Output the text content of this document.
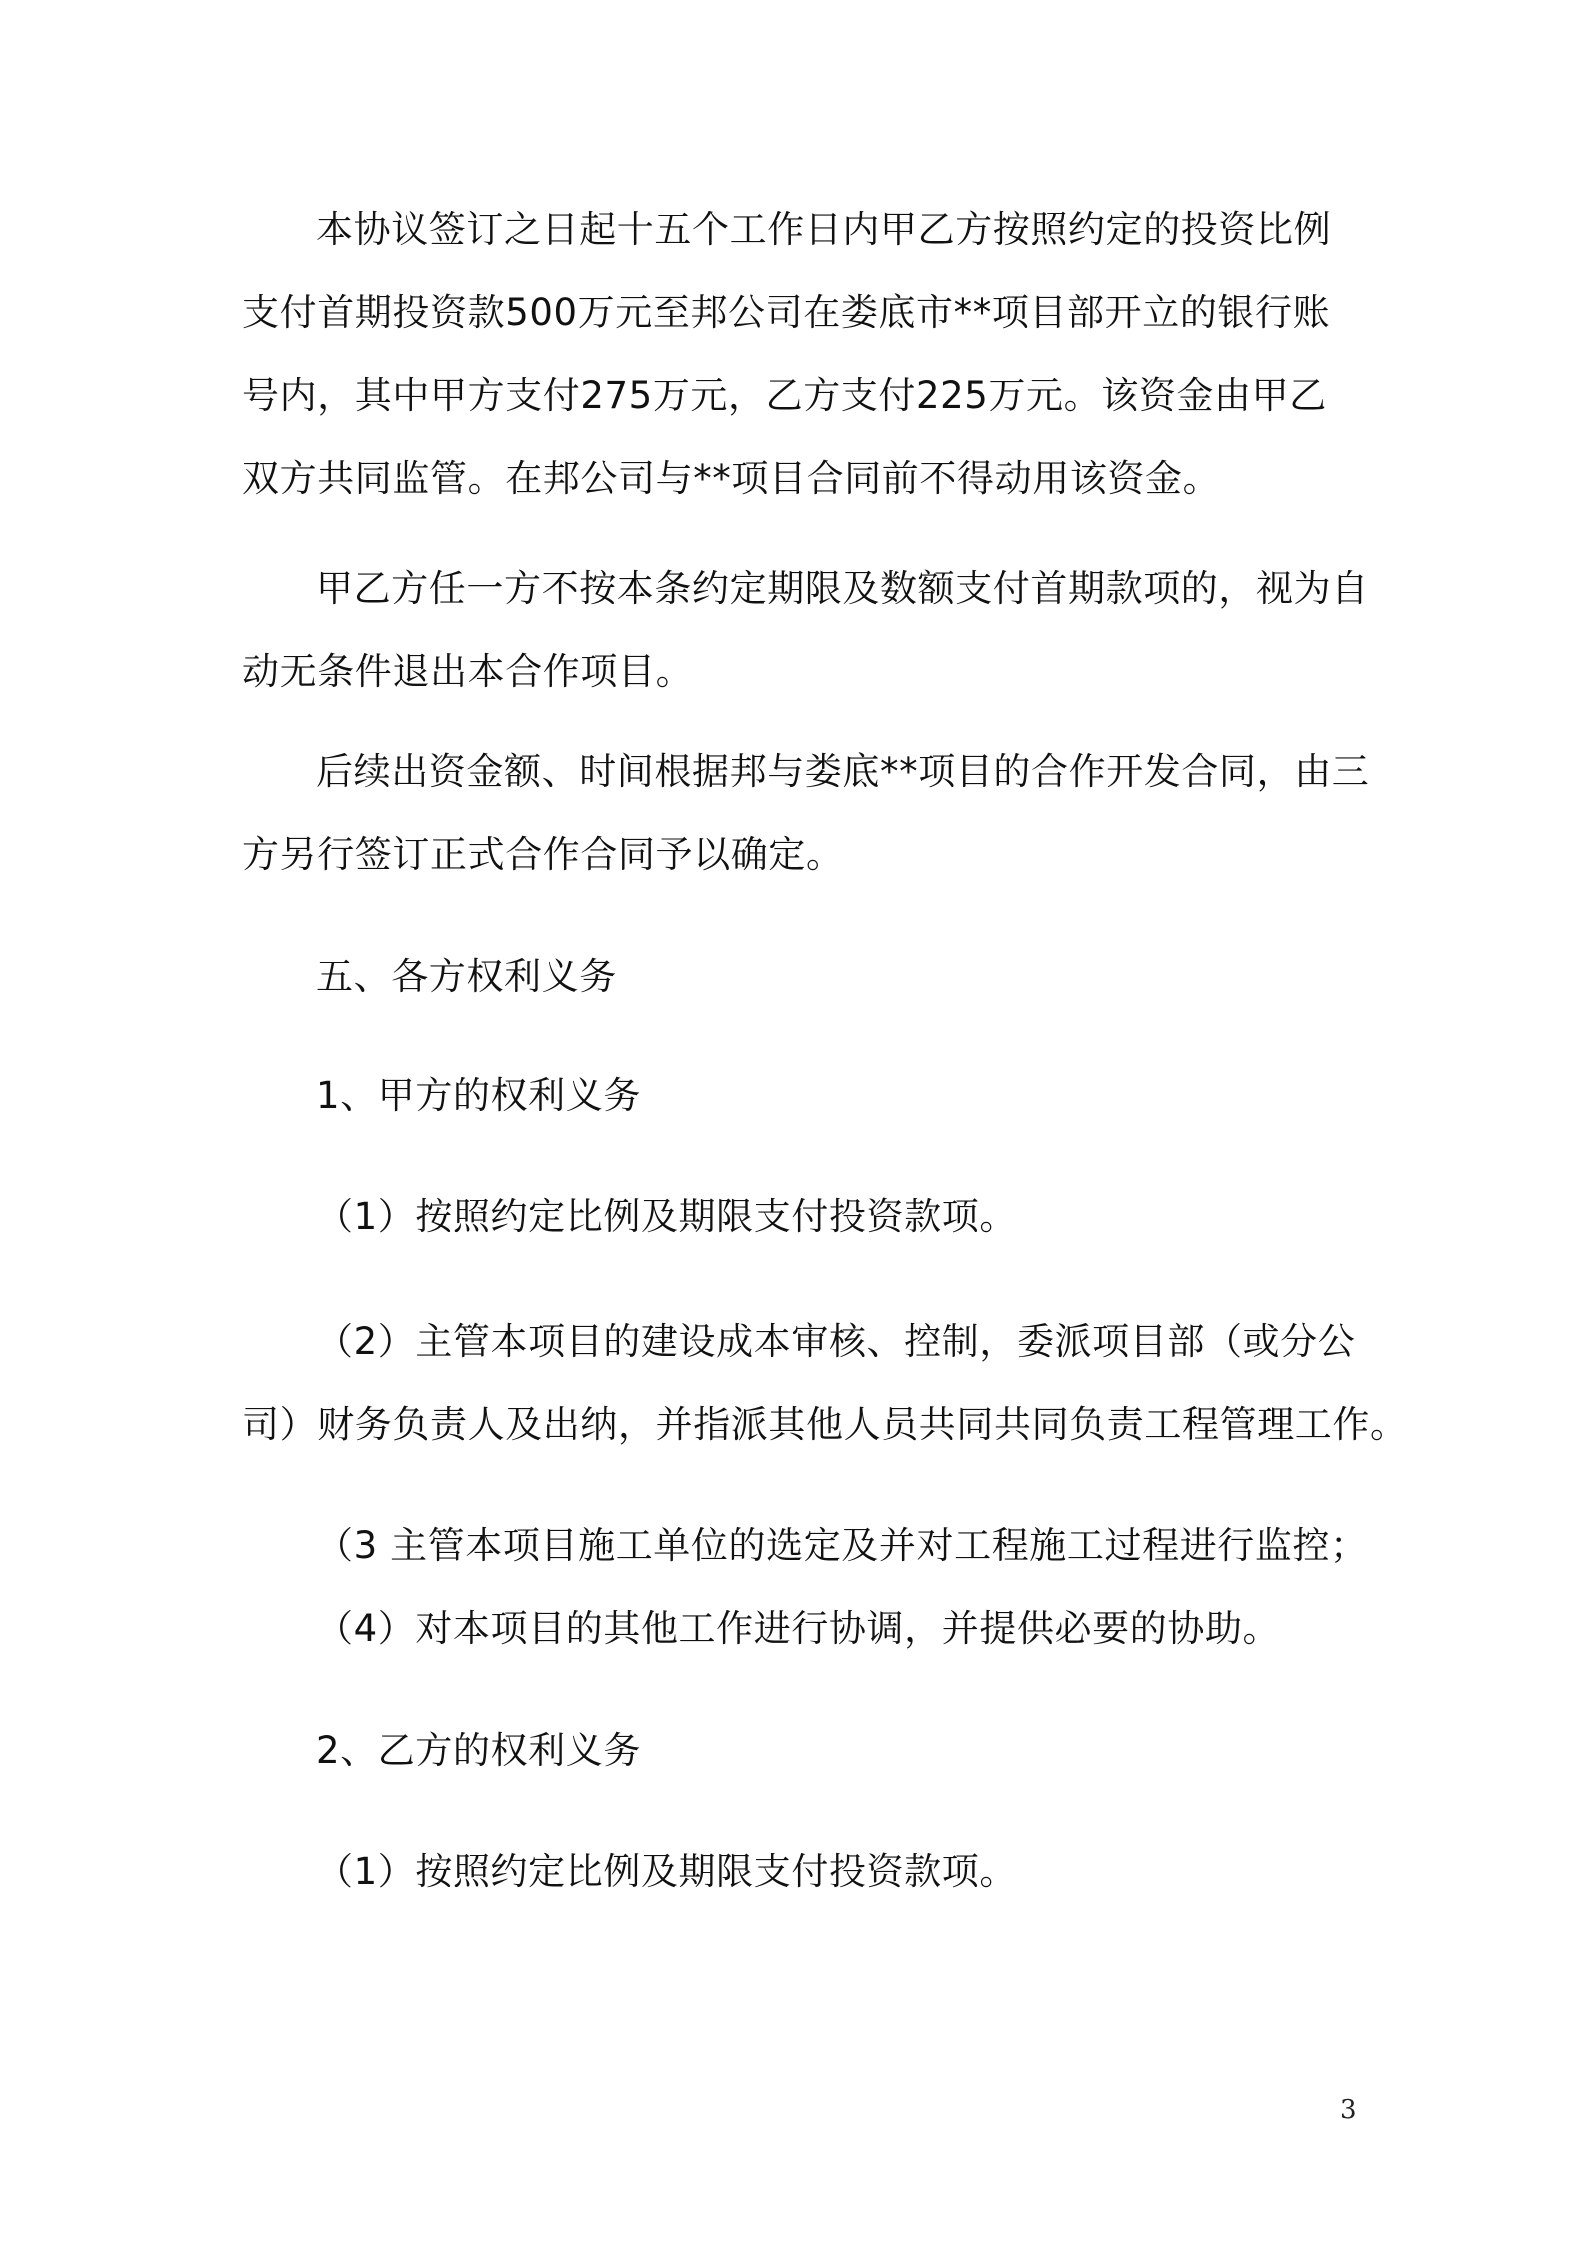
本协议签订之日起十五个工作日内甲乙方按照约定的投资比例
支付首期投资款500万元至邦公司在娄底市**项目部开立的银行账
号内，其中甲方支付275万元，乙方支付225万元。该资金由甲乙
双方共同监管。在邦公司与**项目合同前不得动用该资金。
甲乙方任一方不按本条约定期限及数额支付首期款项的，视为自
动无条件退出本合作项目。
后续出资金额、时间根据邦与娄底**项目的合作开发合同，由三
方另行签订正式合作合同予以确定。
五、各方权利义务
1、甲方的权利义务
（1）按照约定比例及期限支付投资款项。
（2）主管本项目的建设成本审核、控制，委派项目部（或分公
司）财务负责人及出纳，并指派其他人员共同共同负责工程管理工作。
（3 主管本项目施工单位的选定及并对工程施工过程进行监控；
（4）对本项目的其他工作进行协调，并提供必要的协助。
2、乙方的权利义务
（1）按照约定比例及期限支付投资款项。
3
